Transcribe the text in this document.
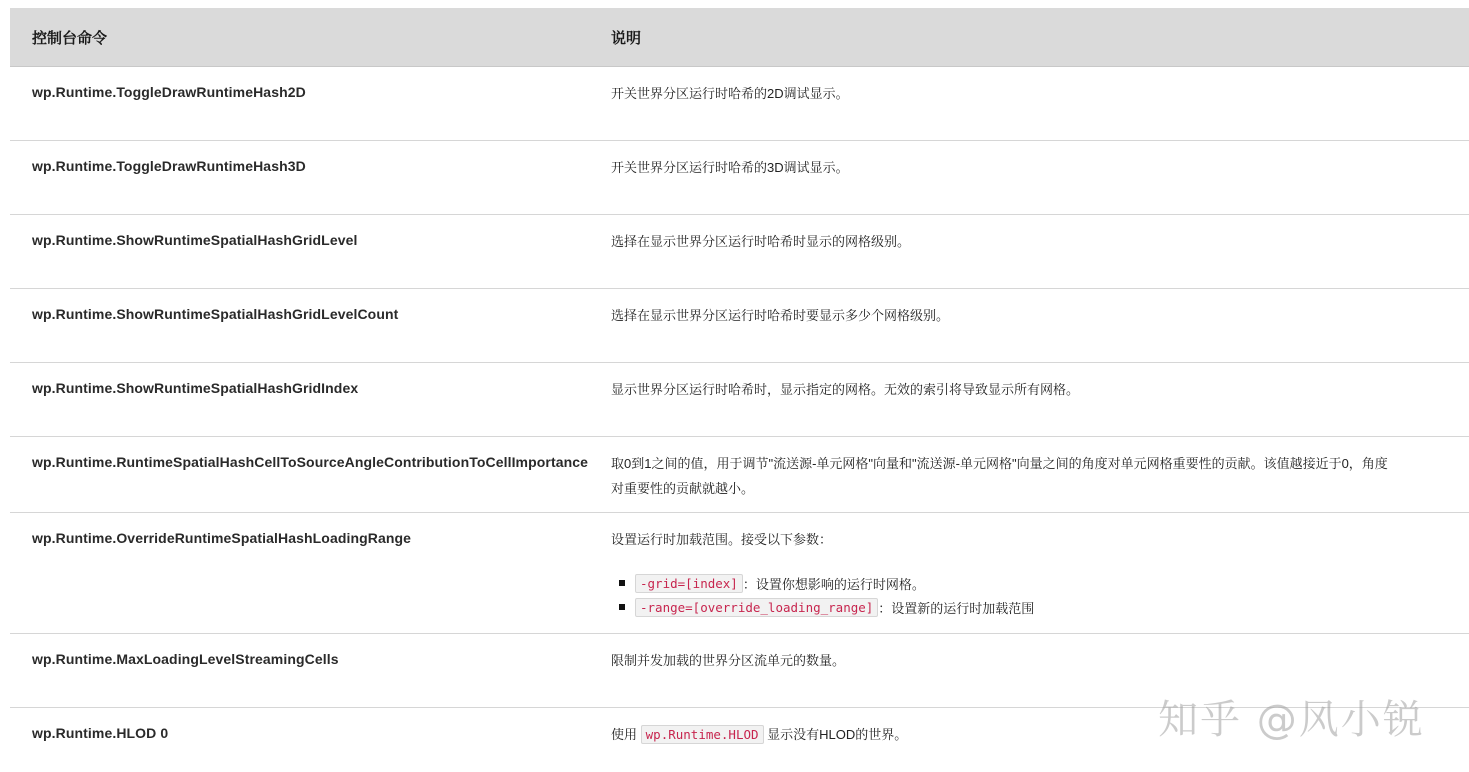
控制台命令	说明
wp.Runtime.ToggleDrawRuntimeHash2D	开关世界分区运行时哈希的2D调试显示。

wp.Runtime.ToggleDrawRuntimeHash3D	开关世界分区运行时哈希的3D调试显示。

wp.Runtime.ShowRuntimeSpatialHashGridLevel	选择在显示世界分区运行时哈希时显示的网格级别。

wp.Runtime.ShowRuntimeSpatialHashGridLevelCount	选择在显示世界分区运行时哈希时要显示多少个网格级别。

wp.Runtime.ShowRuntimeSpatialHashGridIndex	显示世界分区运行时哈希时，显示指定的网格。无效的索引将导致显示所有网格。

wp.Runtime.RuntimeSpatialHashCellToSourceAngleContributionToCellImportance 取0到1之间的值，用于调节"流送源-单元网格"向量和"流送源-单元网格"向量之间的角度对单元网格重要性的贡献。该值越接近于0，角度
对重要性的贡献就越小。
wp.Runtime.OverrideRuntimeSpatialHashLoadingRange	设置运行时加载范围。接受以下参数：

-grid=[index] ：设置你想影响的运行时网格。
-range=[override_loading_range] ：设置新的运行时加载范围
wp.Runtime.MaxLoadingLevelStreamingCells	限制并发加载的世界分区流单元的数量。

wp.Runtime.HLOD 0	使用 wp.Runtime.HLOD 显示没有HLOD的世界。	知乎 @风小锐
